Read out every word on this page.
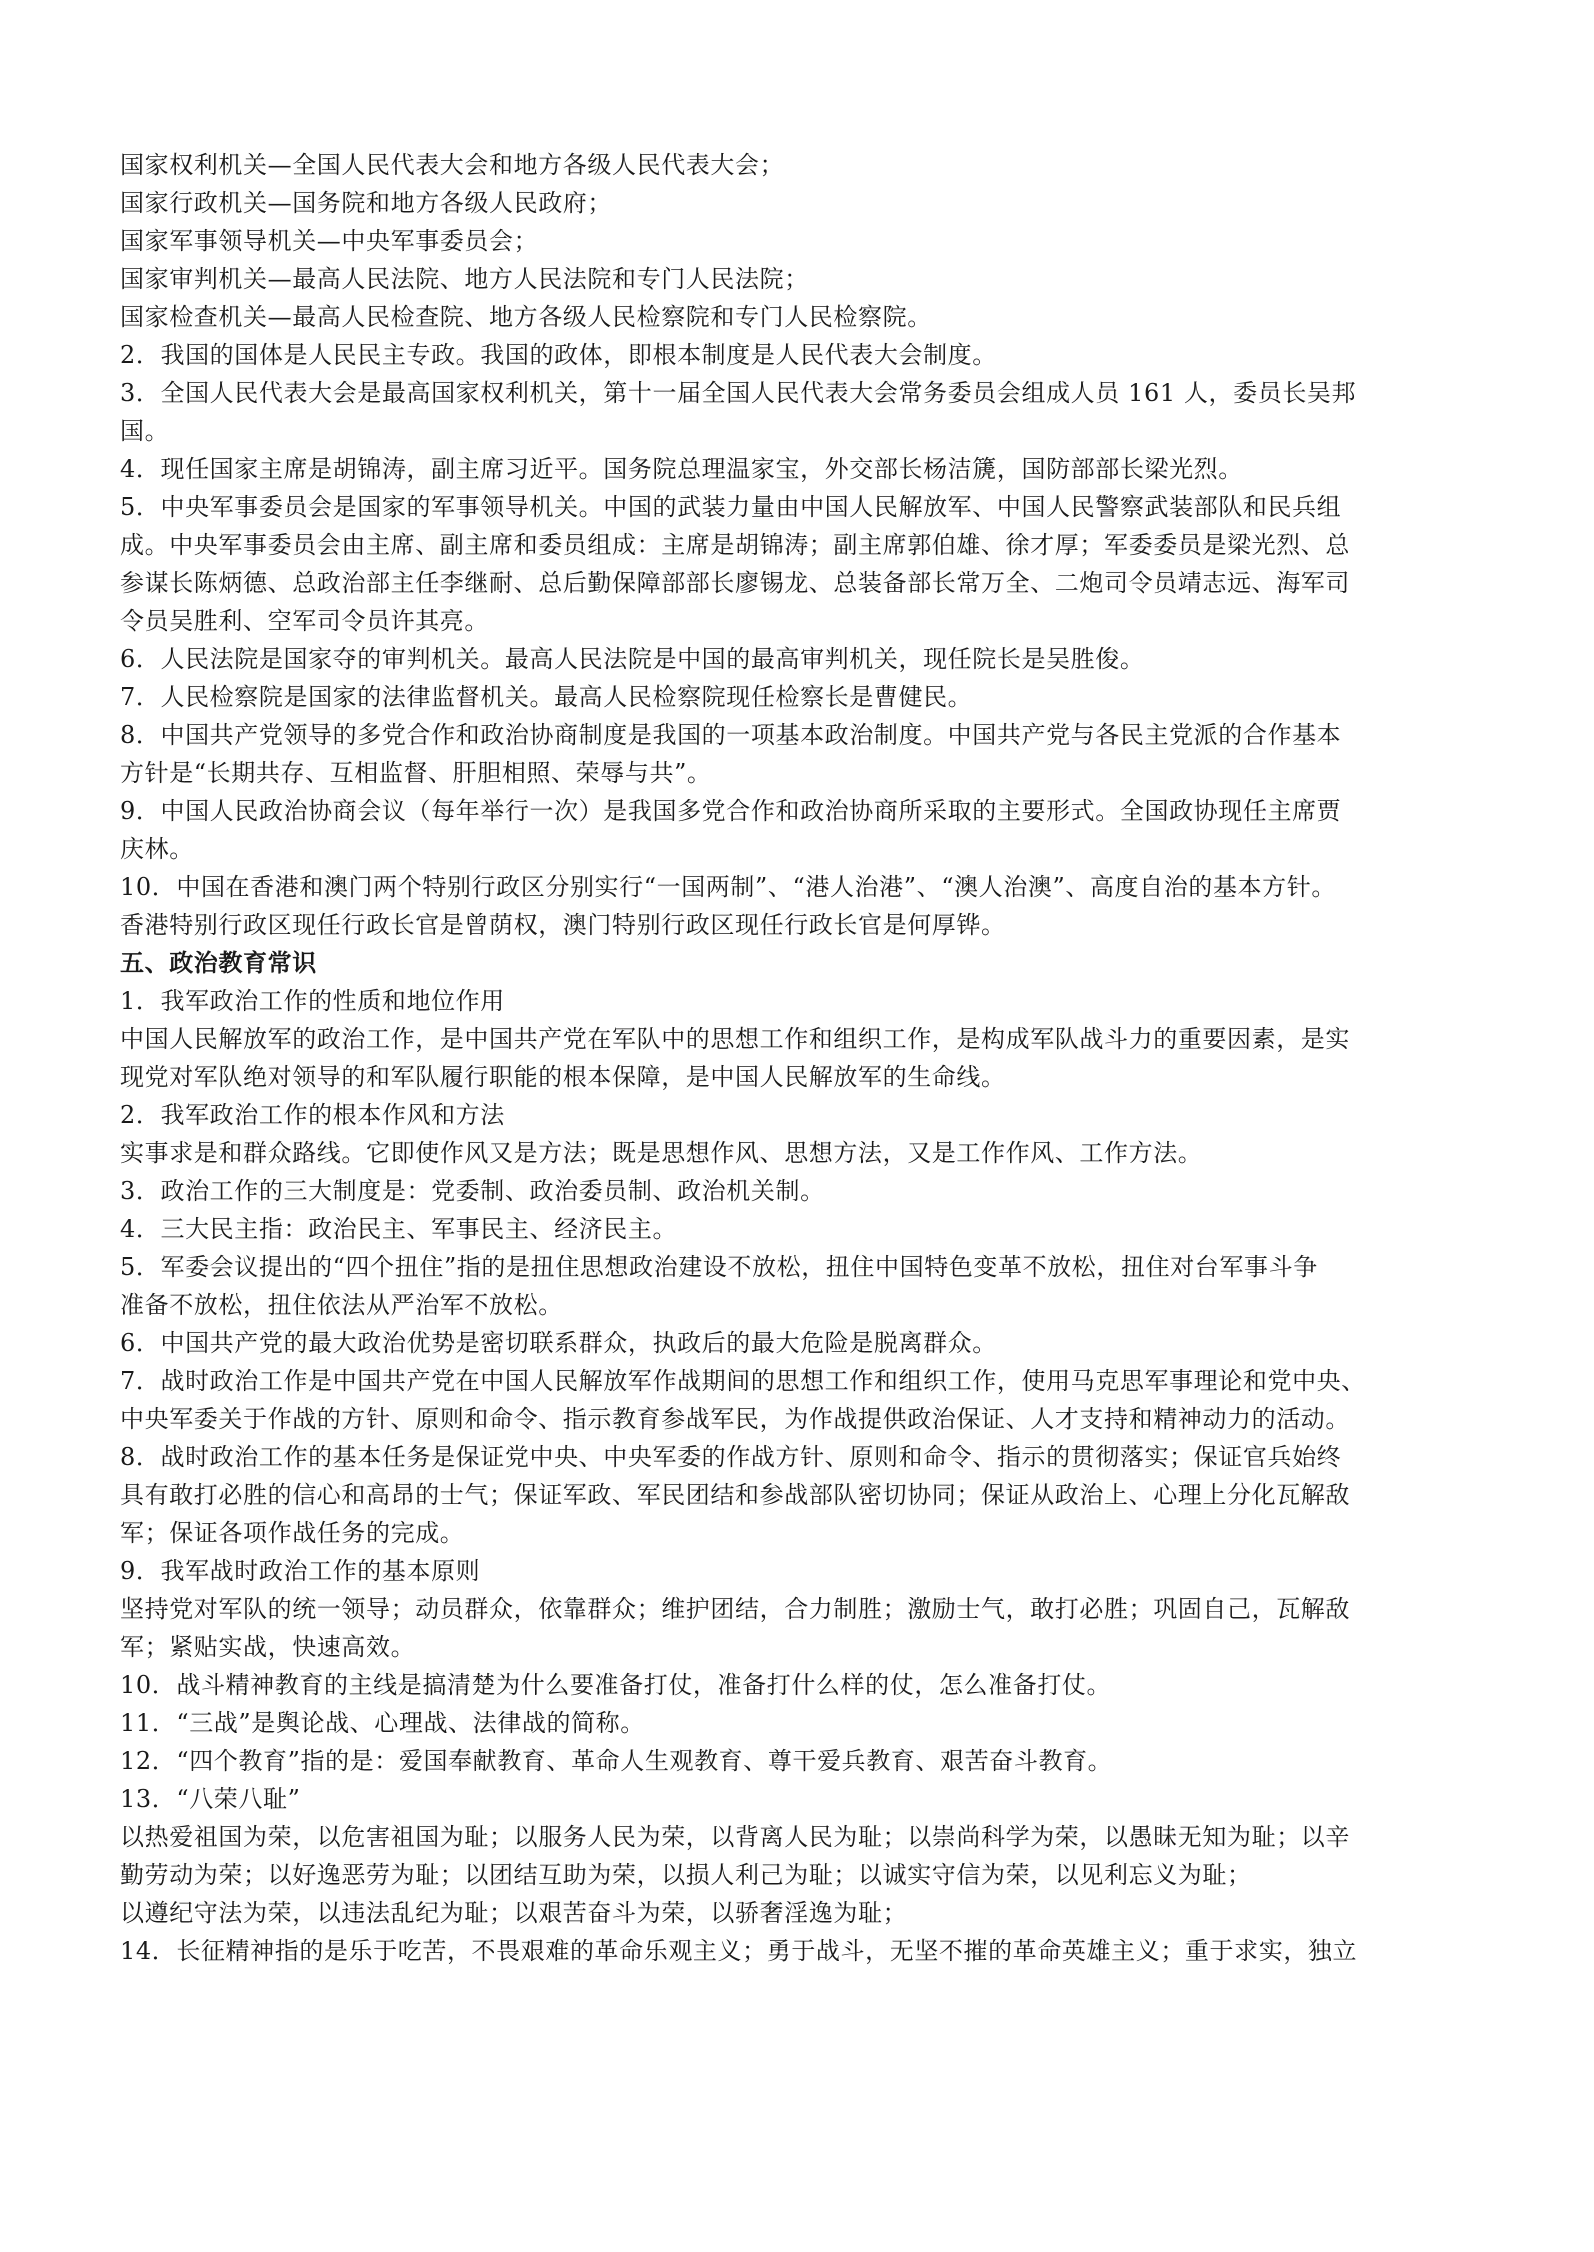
国家权利机关—全国人民代表大会和地方各级人民代表大会；

国家行政机关—国务院和地方各级人民政府；

国家军事领导机关—中央军事委员会；

国家审判机关—最高人民法院、地方人民法院和专门人民法院；

国家检查机关—最高人民检查院、地方各级人民检察院和专门人民检察院。

2．我国的国体是人民民主专政。我国的政体，即根本制度是人民代表大会制度。

3．全国人民代表大会是最高国家权利机关，第十一届全国人民代表大会常务委员会组成人员 161 人，委员长吴邦

国。

4．现任国家主席是胡锦涛，副主席习近平。国务院总理温家宝，外交部长杨洁篪，国防部部长梁光烈。

5．中央军事委员会是国家的军事领导机关。中国的武装力量由中国人民解放军、中国人民警察武装部队和民兵组

成。中央军事委员会由主席、副主席和委员组成：主席是胡锦涛；副主席郭伯雄、徐才厚；军委委员是梁光烈、总

参谋长陈炳德、总政治部主任李继耐、总后勤保障部部长廖锡龙、总装备部长常万全、二炮司令员靖志远、海军司

令员吴胜利、空军司令员许其亮。

6．人民法院是国家夺的审判机关。最高人民法院是中国的最高审判机关，现任院长是吴胜俊。

7．人民检察院是国家的法律监督机关。最高人民检察院现任检察长是曹健民。

8．中国共产党领导的多党合作和政治协商制度是我国的一项基本政治制度。中国共产党与各民主党派的合作基本

方针是“长期共存、互相监督、肝胆相照、荣辱与共”。

9．中国人民政治协商会议（每年举行一次）是我国多党合作和政治协商所采取的主要形式。全国政协现任主席贾

庆林。

10．中国在香港和澳门两个特别行政区分别实行“一国两制”、“港人治港”、“澳人治澳”、高度自治的基本方针。

香港特别行政区现任行政长官是曾荫权，澳门特别行政区现任行政长官是何厚铧。

五、政治教育常识

1．我军政治工作的性质和地位作用

中国人民解放军的政治工作，是中国共产党在军队中的思想工作和组织工作，是构成军队战斗力的重要因素，是实

现党对军队绝对领导的和军队履行职能的根本保障，是中国人民解放军的生命线。

2．我军政治工作的根本作风和方法

实事求是和群众路线。它即使作风又是方法；既是思想作风、思想方法，又是工作作风、工作方法。

3．政治工作的三大制度是：党委制、政治委员制、政治机关制。

4．三大民主指：政治民主、军事民主、经济民主。

5．军委会议提出的“四个扭住”指的是扭住思想政治建设不放松，扭住中国特色变革不放松，扭住对台军事斗争

准备不放松，扭住依法从严治军不放松。

6．中国共产党的最大政治优势是密切联系群众，执政后的最大危险是脱离群众。

7．战时政治工作是中国共产党在中国人民解放军作战期间的思想工作和组织工作，使用马克思军事理论和党中央、

中央军委关于作战的方针、原则和命令、指示教育参战军民，为作战提供政治保证、人才支持和精神动力的活动。

8．战时政治工作的基本任务是保证党中央、中央军委的作战方针、原则和命令、指示的贯彻落实；保证官兵始终

具有敢打必胜的信心和高昂的士气；保证军政、军民团结和参战部队密切协同；保证从政治上、心理上分化瓦解敌

军；保证各项作战任务的完成。

9．我军战时政治工作的基本原则

坚持党对军队的统一领导；动员群众，依靠群众；维护团结，合力制胜；激励士气，敢打必胜；巩固自己，瓦解敌

军；紧贴实战，快速高效。

10．战斗精神教育的主线是搞清楚为什么要准备打仗，准备打什么样的仗，怎么准备打仗。

11．“三战”是舆论战、心理战、法律战的简称。

12．“四个教育”指的是：爱国奉献教育、革命人生观教育、尊干爱兵教育、艰苦奋斗教育。

13．“八荣八耻”

以热爱祖国为荣，以危害祖国为耻；以服务人民为荣，以背离人民为耻；以崇尚科学为荣，以愚昧无知为耻；以辛

勤劳动为荣；以好逸恶劳为耻；以团结互助为荣，以损人利己为耻；以诚实守信为荣，以见利忘义为耻；

以遵纪守法为荣，以违法乱纪为耻；以艰苦奋斗为荣，以骄奢淫逸为耻；

14．长征精神指的是乐于吃苦，不畏艰难的革命乐观主义；勇于战斗，无坚不摧的革命英雄主义；重于求实，独立
